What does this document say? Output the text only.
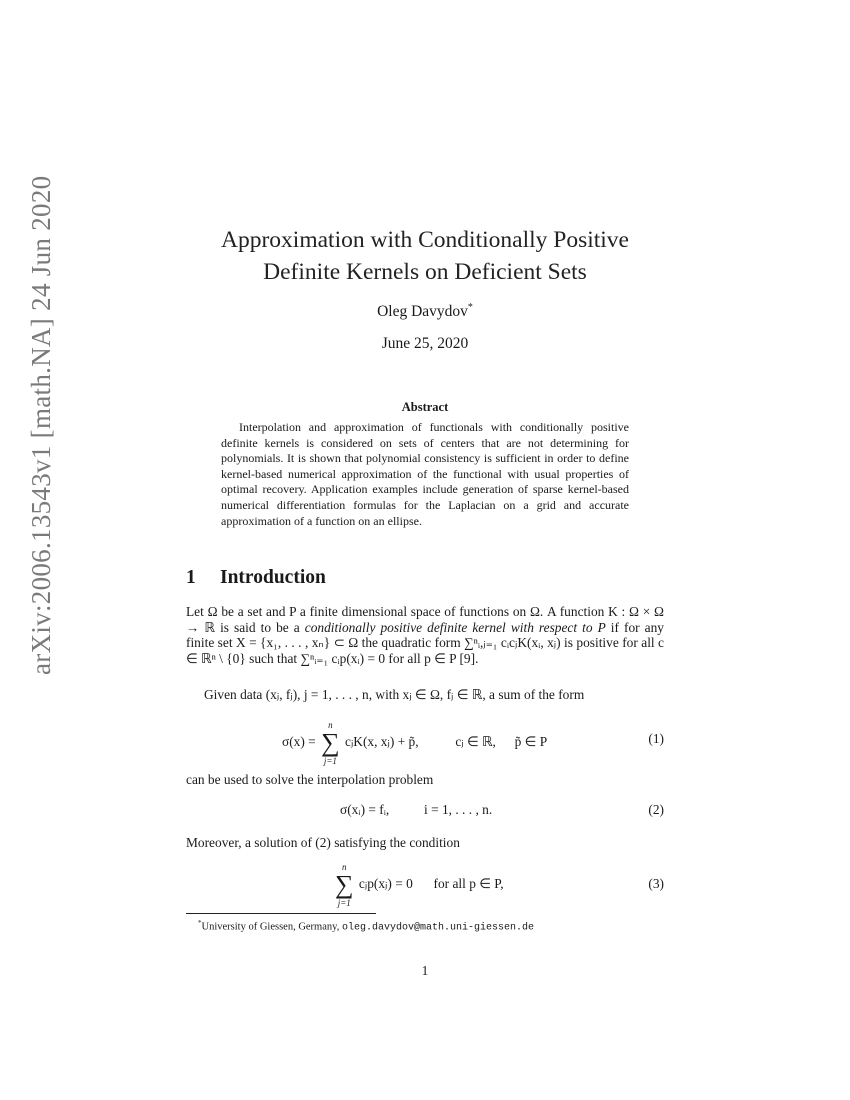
arXiv:2006.13543v1 [math.NA] 24 Jun 2020	Approximation with Conditionally Positive
Definite Kernels on Deficient Sets
Oleg Davydov*
June 25, 2020
Abstract

Interpolation and approximation of functionals with conditionally positive definite kernels is considered on sets of centers that are not determining for polynomials. It is shown that polynomial consistency is sufficient in order to define kernel-based numerical approximation of the functional with usual properties of optimal recovery. Application examples include generation of sparse kernel-based numerical differentiation formulas for the Laplacian on a grid and accurate approximation of a function on an ellipse.

1 Introduction

Let Ω be a set and P a finite dimensional space of functions on Ω. A function K : Ω × Ω → ℝ is said to be a conditionally positive definite kernel with respect to P if for any finite set X = {x₁, . . . , xₙ} ⊂ Ω the quadratic form ∑ⁿᵢ,ⱼ₌₁ cᵢcⱼK(xᵢ, xⱼ) is positive for all c ∈ ℝⁿ \ {0} such that ∑ⁿᵢ₌₁ cᵢp(xᵢ) = 0 for all p ∈ P [9].

Given data (xⱼ, fⱼ), j = 1, . . . , n, with xⱼ ∈ Ω, fⱼ ∈ ℝ, a sum of the form

σ(x) =
n
∑
j=1
cⱼK(x, xⱼ) + p̃,	cⱼ ∈ ℝ, p̃ ∈ P	(1)

can be used to solve the interpolation problem

σ(xᵢ) = fᵢ,	i = 1, . . . , n.	(2)

Moreover, a solution of (2) satisfying the condition

n
∑
j=1
cⱼp(xⱼ) = 0 for all p ∈ P,	(3)
*University of Giessen, Germany, oleg.davydov@math.uni-giessen.de
1
